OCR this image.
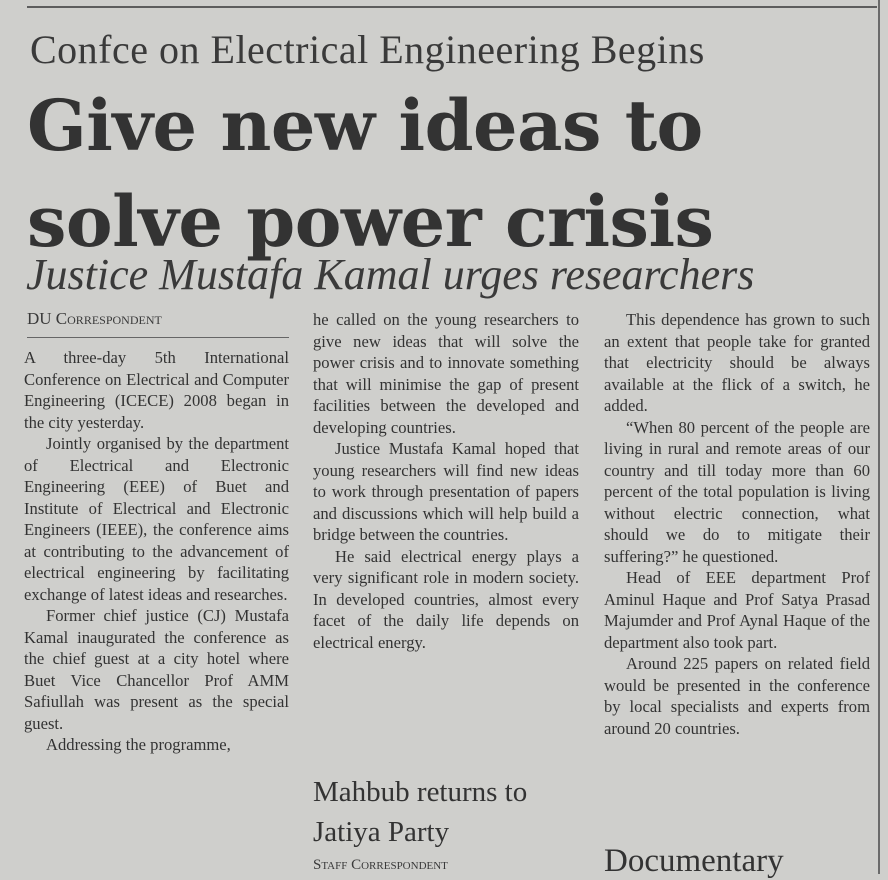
Confce on Electrical Engineering Begins
Give new ideas to solve power crisis
Justice Mustafa Kamal urges researchers
DU Correspondent

A three-day 5th International Conference on Electrical and Computer Engineering (ICECE) 2008 began in the city yesterday.

Jointly organised by the department of Electrical and Electronic Engineering (EEE) of Buet and Institute of Electrical and Electronic Engineers (IEEE), the conference aims at contributing to the advancement of electrical engineering by facilitating exchange of latest ideas and researches.

Former chief justice (CJ) Mustafa Kamal inaugurated the conference as the chief guest at a city hotel where Buet Vice Chancellor Prof AMM Safiullah was present as the special guest.

Addressing the programme,

he called on the young researchers to give new ideas that will solve the power crisis and to innovate something that will minimise the gap of present facilities between the developed and developing countries.

Justice Mustafa Kamal hoped that young researchers will find new ideas to work through presentation of papers and discussions which will help build a bridge between the countries.

He said electrical energy plays a very significant role in modern society. In developed countries, almost every facet of the daily life depends on electrical energy.

This dependence has grown to such an extent that people take for granted that electricity should be always available at the flick of a switch, he added.

“When 80 percent of the people are living in rural and remote areas of our country and till today more than 60 percent of the total population is living without electric connection, what should we do to mitigate their suffering?” he questioned.

Head of EEE department Prof Aminul Haque and Prof Satya Prasad Majumder and Prof Aynal Haque of the department also took part.

Around 225 papers on related field would be presented in the conference by local specialists and experts from around 20 countries.

Mahbub returns to Jatiya Party
Staff Correspondent	Documentary
